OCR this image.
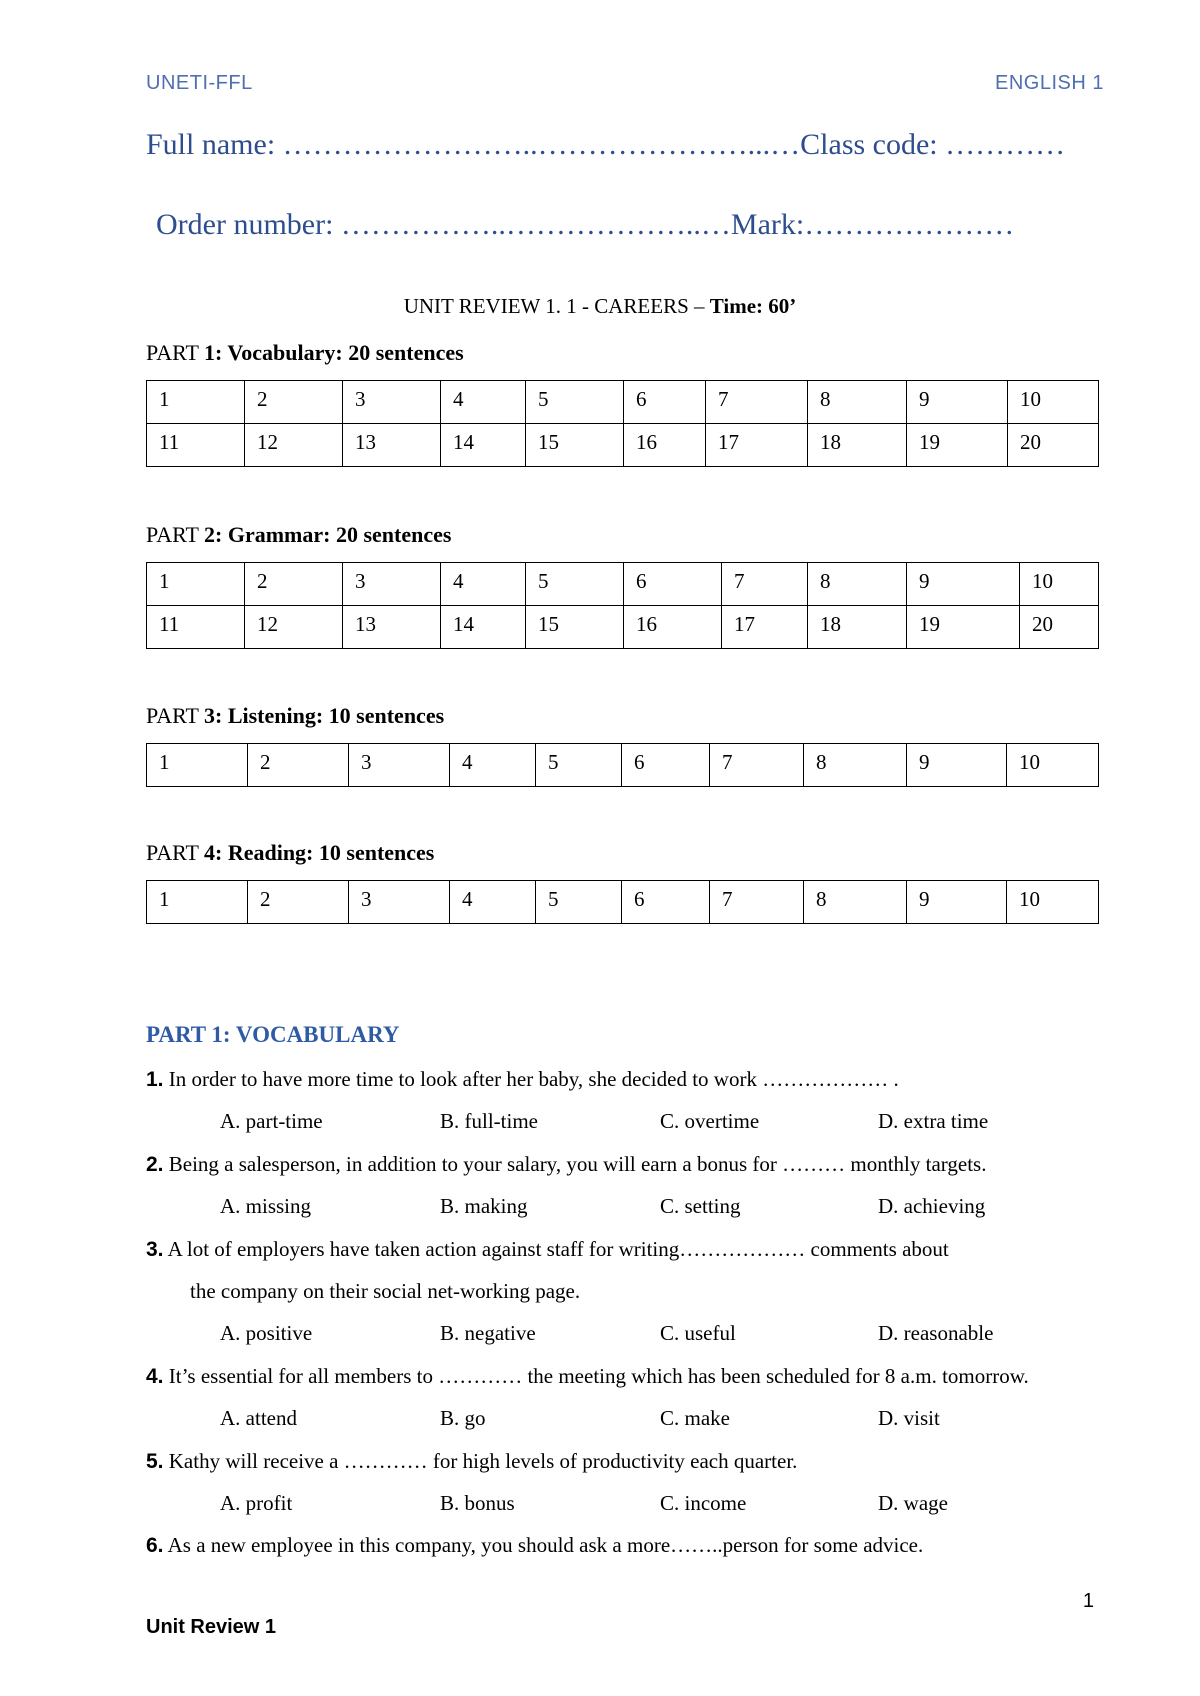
UNETI-FFL	ENGLISH 1
Full name: ……………………..…………………...…Class code: …………
Order number: ……………..………………..…Mark:…………………
UNIT REVIEW 1. 1 - CAREERS – Time: 60’
PART 1: Vocabulary: 20 sentences
1	2	3	4	5	6	7	8	9	10
11	12	13	14	15	16	17	18	19	20
PART 2: Grammar: 20 sentences
1	2	3	4	5	6	7	8	9	10
11	12	13	14	15	16	17	18	19	20
PART 3: Listening: 10 sentences
1	2	3	4	5	6	7	8	9	10
PART 4: Reading: 10 sentences
1	2	3	4	5	6	7	8	9	10
PART 1: VOCABULARY
1. In order to have more time to look after her baby, she decided to work ……………… .
A. part-time	B. full-time	C. overtime	D. extra time
2. Being a salesperson, in addition to your salary, you will earn a bonus for ……… monthly targets.
A. missing	B. making	C. setting	D. achieving
3. A lot of employers have taken action against staff for writing……………… comments about
the company on their social net-working page.
A. positive	B. negative	C. useful	D. reasonable
4. It’s essential for all members to ………… the meeting which has been scheduled for 8 a.m. tomorrow.
A. attend	B. go	C. make	D. visit
5. Kathy will receive a ………… for high levels of productivity each quarter.
A. profit	B. bonus	C. income	D. wage
6. As a new employee in this company, you should ask a more……..person for some advice.
1
Unit Review 1
